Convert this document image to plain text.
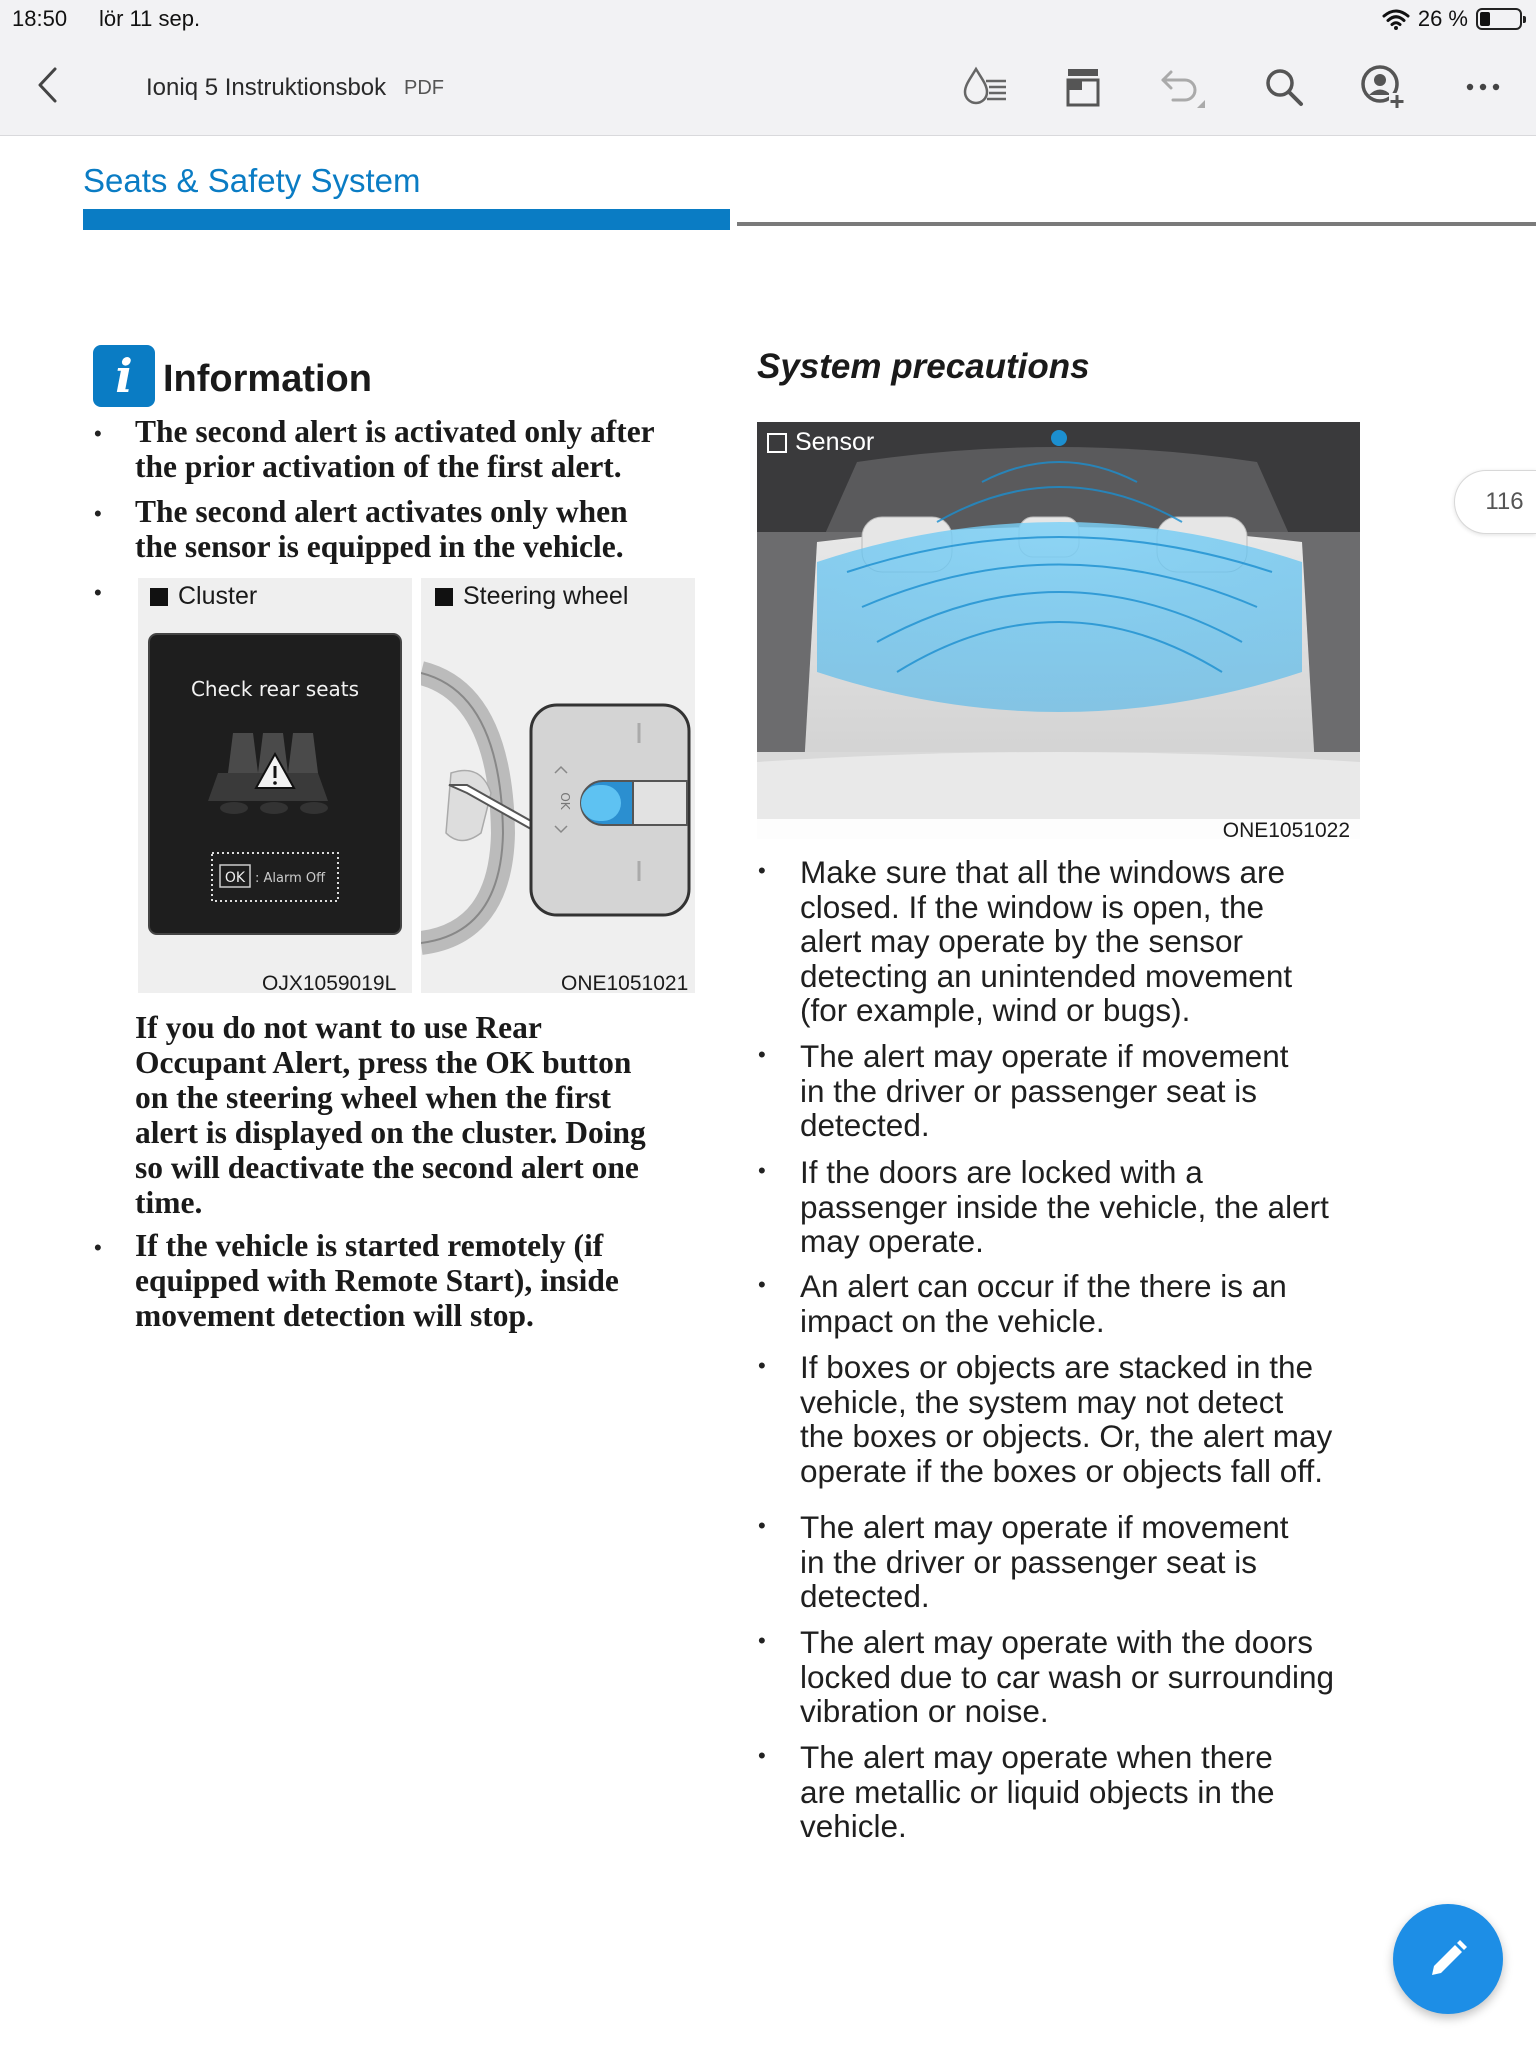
18:50 lör 11 sep.	26 %
Ioniq 5 Instruktionsbok PDF
Seats & Safety System
i Information
• The second alert is activated only after
the prior activation of the first alert.
• The second alert activates only when
the sensor is equipped in the vehicle.
•	Cluster
Check rear seats
OK : Alarm Off
OJX1059019L
Steering wheel
OK
ONE1051021
If you do not want to use Rear
Occupant Alert, press the OK button
on the steering wheel when the first
alert is displayed on the cluster. Doing
so will deactivate the second alert one
time.
• If the vehicle is started remotely (if
equipped with Remote Start), inside
movement detection will stop.
System precautions
Sensor
ONE1051022
• Make sure that all the windows are
closed. If the window is open, the
alert may operate by the sensor
detecting an unintended movement
(for example, wind or bugs).
• The alert may operate if movement
in the driver or passenger seat is
detected.
• If the doors are locked with a
passenger inside the vehicle, the alert
may operate.
• An alert can occur if the there is an
impact on the vehicle.
• If boxes or objects are stacked in the
vehicle, the system may not detect
the boxes or objects. Or, the alert may
operate if the boxes or objects fall off.
• The alert may operate if movement
in the driver or passenger seat is
detected.
• The alert may operate with the doors
locked due to car wash or surrounding
vibration or noise.
• The alert may operate when there
are metallic or liquid objects in the
vehicle.
116
